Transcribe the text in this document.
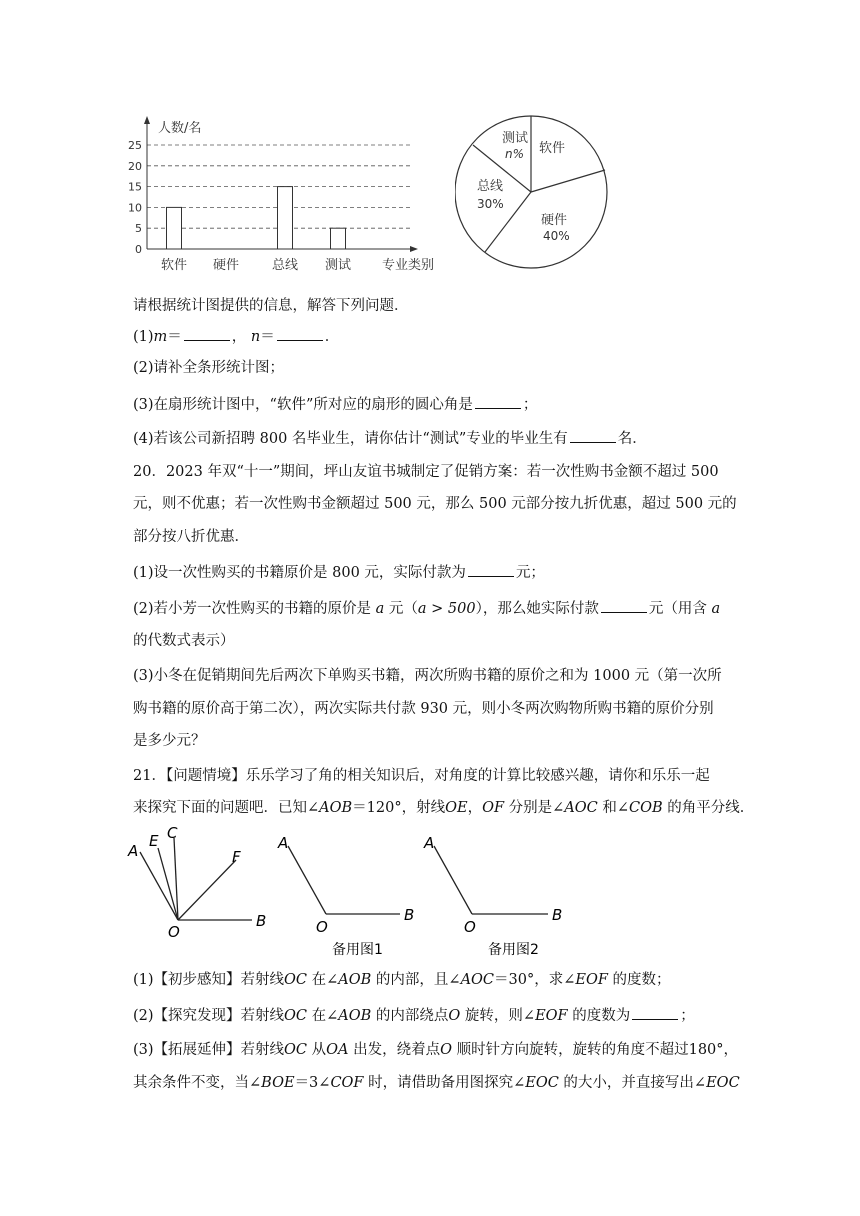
人数/名
专业类别
0
5
10
15
20
25
软件 硬件	总线 测试
软件
硬件
40%
总线
30%
测试
n%
请根据统计图提供的信息，解答下列问题．
(1)m＝	， n＝	．
(2)请补全条形统计图；
(3)在扇形统计图中，“软件”所对应的扇形的圆心角是	；
(4)若该公司新招聘 800 名毕业生，请你估计“测试”专业的毕业生有	名．
20．2023 年双“十一”期间，坪山友谊书城制定了促销方案：若一次性购书金额不超过 500
元，则不优惠；若一次性购书金额超过 500 元，那么 500 元部分按九折优惠，超过 500 元的
部分按八折优惠．
(1)设一次性购买的书籍原价是 800 元，实际付款为	元；
(2)若小芳一次性购买的书籍的原价是 a 元（a > 500），那么她实际付款	元（用含 a
的代数式表示）
(3)小冬在促销期间先后两次下单购买书籍，两次所购书籍的原价之和为 1000 元（第一次所
购书籍的原价高于第二次），两次实际共付款 930 元，则小冬两次购物所购书籍的原价分别
是多少元？
21．【问题情境】乐乐学习了角的相关知识后，对角度的计算比较感兴趣，请你和乐乐一起
来探究下面的问题吧．已知∠AOB＝120°，射线OE，OF 分别是∠AOC 和∠COB 的角平分线．
A
E C
F
O
B
A
O
B
备用图1
A
O
B
备用图2
(1)【初步感知】若射线OC 在∠AOB 的内部，且∠AOC＝30°，求∠EOF 的度数；
(2)【探究发现】若射线OC 在∠AOB 的内部绕点O 旋转，则∠EOF 的度数为	；
(3)【拓展延伸】若射线OC 从OA 出发，绕着点O 顺时针方向旋转，旋转的角度不超过180°，
其余条件不变，当∠BOE＝3∠COF 时，请借助备用图探究∠EOC 的大小，并直接写出∠EOC
